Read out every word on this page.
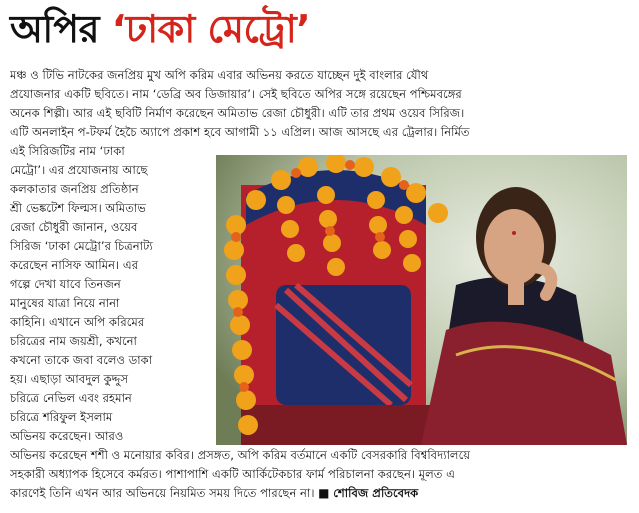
অপির ‘ঢাকা মেট্রো’
মঞ্চ ও টিভি নাটকের জনপ্রিয় মুখ অপি করিম এবার অভিনয় করতে যাচ্ছেন দুই বাংলার যৌথ
প্রযোজনার একটি ছবিতে। নাম ‘ডেব্রি অব ডিজায়ার’। সেই ছবিতে অপির সঙ্গে রয়েছেন পশ্চিমবঙ্গের
অনেক শিল্পী। আর এই ছবিটি নির্মাণ করেছেন অমিতাভ রেজা চৌধুরী। এটি তার প্রথম ওয়েব সিরিজ।
এটি অনলাইন প-টফর্ম হৈচৈ অ্যাপে প্রকাশ হবে আগামী ১১ এপ্রিল। আজ আসছে এর ট্রেলার। নির্মিত
এই সিরিজটির নাম ‘ঢাকা
মেট্রো’। এর প্রযোজনায় আছে
কলকাতার জনপ্রিয় প্রতিষ্ঠান
শ্রী ভেঙ্কটেশ ফিল্মস। অমিতাভ
রেজা চৌধুরী জানান, ওয়েব
সিরিজ ‘ঢাকা মেট্রো’র চিত্রনাট্য
করেছেন নাসিফ আমিন। এর
গল্পে দেখা যাবে তিনজন
মানুষের যাত্রা নিয়ে নানা
কাহিনি। এখানে অপি করিমের
চরিত্রের নাম জয়শ্রী, কখনো
কখনো তাকে জবা বলেও ডাকা
হয়। এছাড়া আবদুল কুদ্দুস
চরিত্রে নেভিল এবং রহমান
চরিত্রে শরিফুল ইসলাম
অভিনয় করেছেন। আরও
অভিনয় করেছেন শশী ও মনোয়ার কবির। প্রসঙ্গত, অপি করিম বর্তমানে একটি বেসরকারি বিশ্ববিদ্যালয়ে
সহকারী অধ্যাপক হিসেবে কর্মরত। পাশাপাশি একটি আর্কিটেকচার ফার্ম পরিচালনা করছেন। মূলত এ
কারণেই তিনি এখন আর অভিনয়ে নিয়মিত সময় দিতে পারছেন না। ■ শোবিজ প্রতিবেদক
